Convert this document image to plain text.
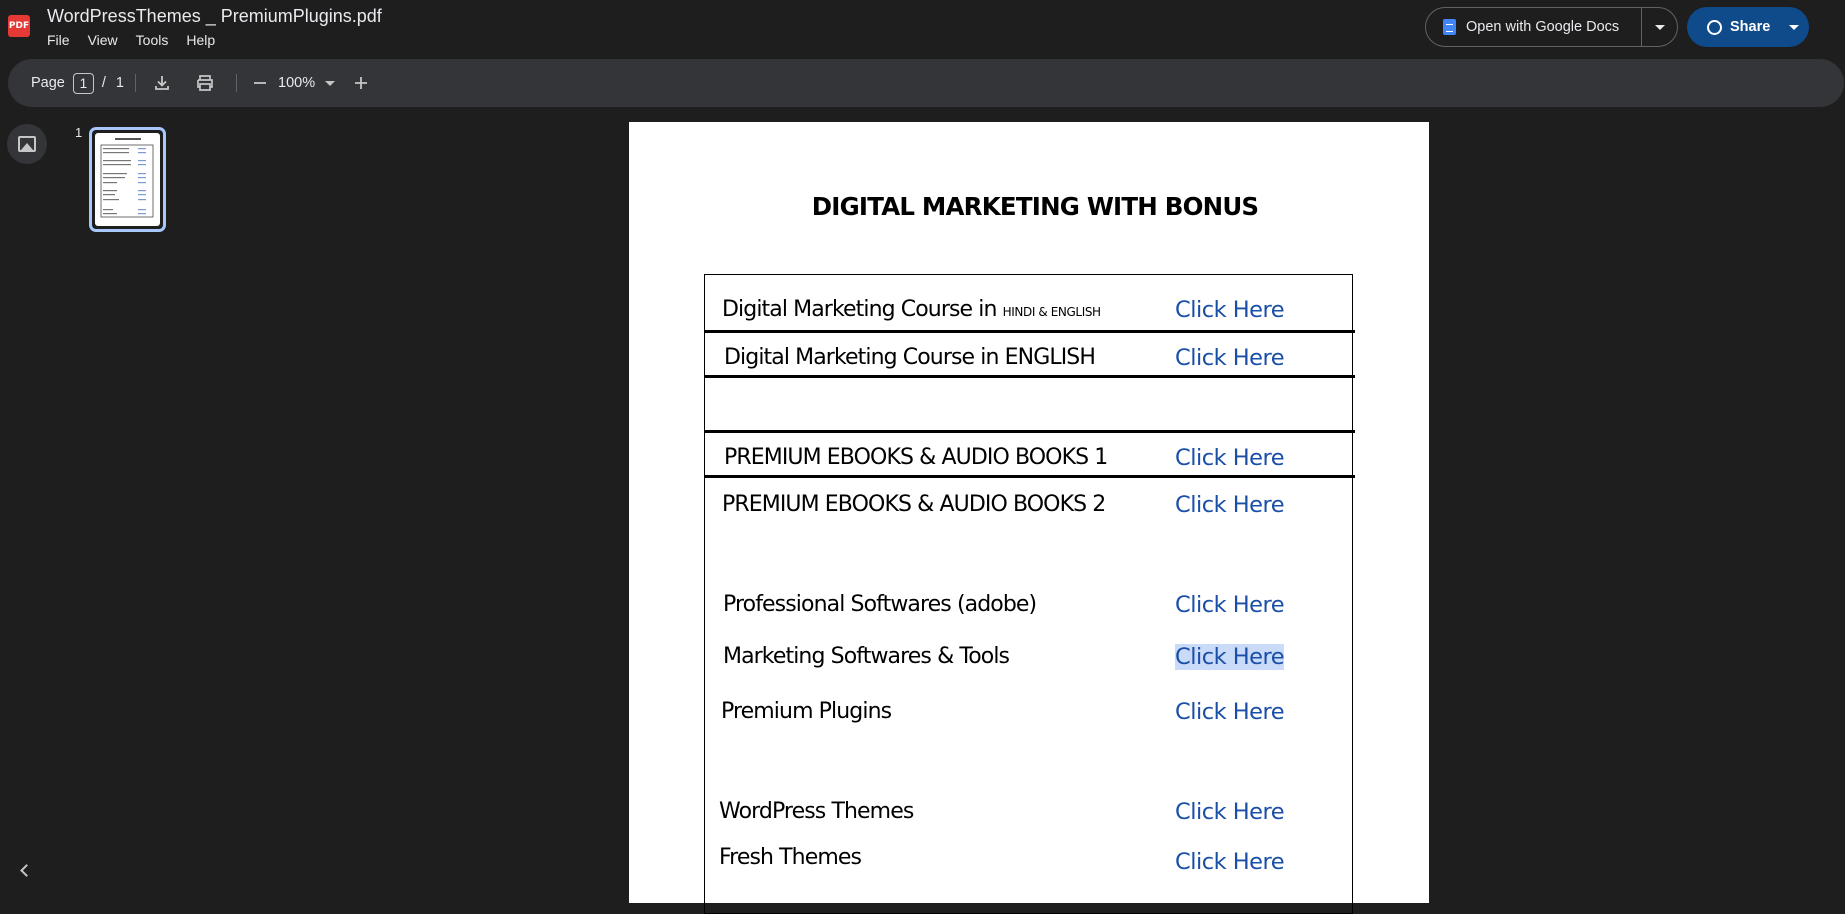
PDF WordPressThemes _ PremiumPlugins.pdf
File View Tools Help
Open with Google Docs	Share
Page	1	/ 1	100%
1
DIGITAL MARKETING WITH BONUS
Digital Marketing Course in HINDI & ENGLISH	Click Here
Digital Marketing Course in ENGLISH	Click Here
PREMIUM EBOOKS & AUDIO BOOKS 1	Click Here
PREMIUM EBOOKS & AUDIO BOOKS 2	Click Here
Professional Softwares (adobe)	Click Here
Marketing Softwares & Tools	Click Here
Premium Plugins	Click Here
WordPress Themes	Click Here
Fresh Themes	Click Here
